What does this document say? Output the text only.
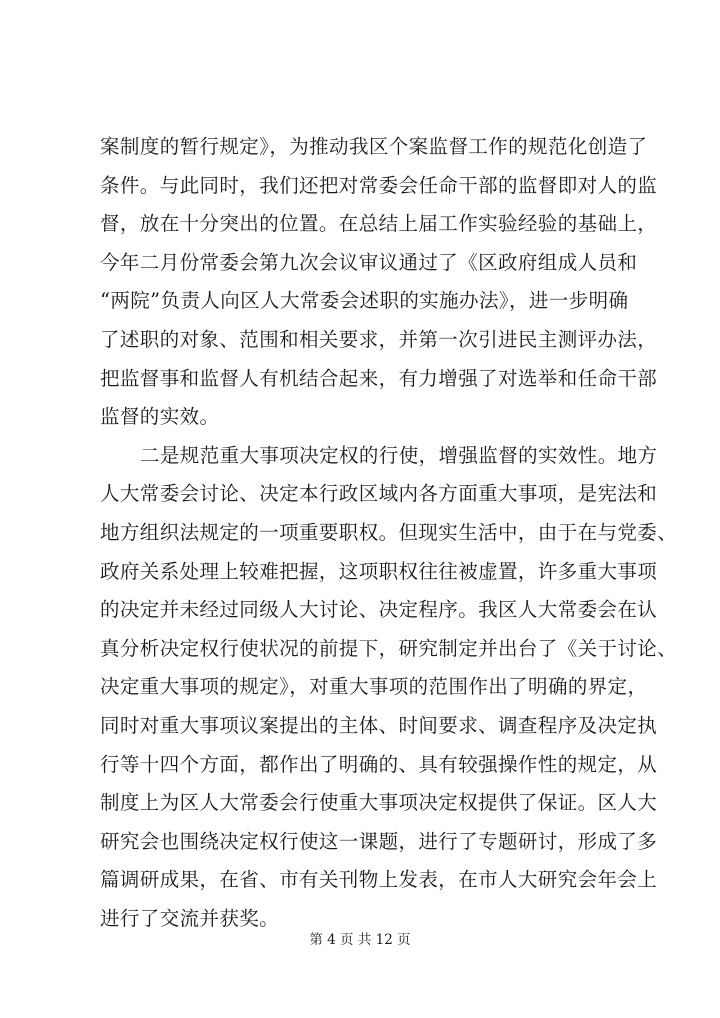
案制度的暂行规定》，为推动我区个案监督工作的规范化创造了
条件。与此同时，我们还把对常委会任命干部的监督即对人的监
督，放在十分突出的位置。在总结上届工作实验经验的基础上，
今年二月份常委会第九次会议审议通过了《区政府组成人员和
“两院”负责人向区人大常委会述职的实施办法》，进一步明确
了述职的对象、范围和相关要求，并第一次引进民主测评办法，
把监督事和监督人有机结合起来，有力增强了对选举和任命干部
监督的实效。
二是规范重大事项决定权的行使，增强监督的实效性。地方
人大常委会讨论、决定本行政区域内各方面重大事项，是宪法和
地方组织法规定的一项重要职权。但现实生活中，由于在与党委、
政府关系处理上较难把握，这项职权往往被虚置，许多重大事项
的决定并未经过同级人大讨论、决定程序。我区人大常委会在认
真分析决定权行使状况的前提下，研究制定并出台了《关于讨论、
决定重大事项的规定》，对重大事项的范围作出了明确的界定，
同时对重大事项议案提出的主体、时间要求、调查程序及决定执
行等十四个方面，都作出了明确的、具有较强操作性的规定，从
制度上为区人大常委会行使重大事项决定权提供了保证。区人大
研究会也围绕决定权行使这一课题，进行了专题研讨，形成了多
篇调研成果，在省、市有关刊物上发表，在市人大研究会年会上
进行了交流并获奖。
第 4 页 共 12 页
